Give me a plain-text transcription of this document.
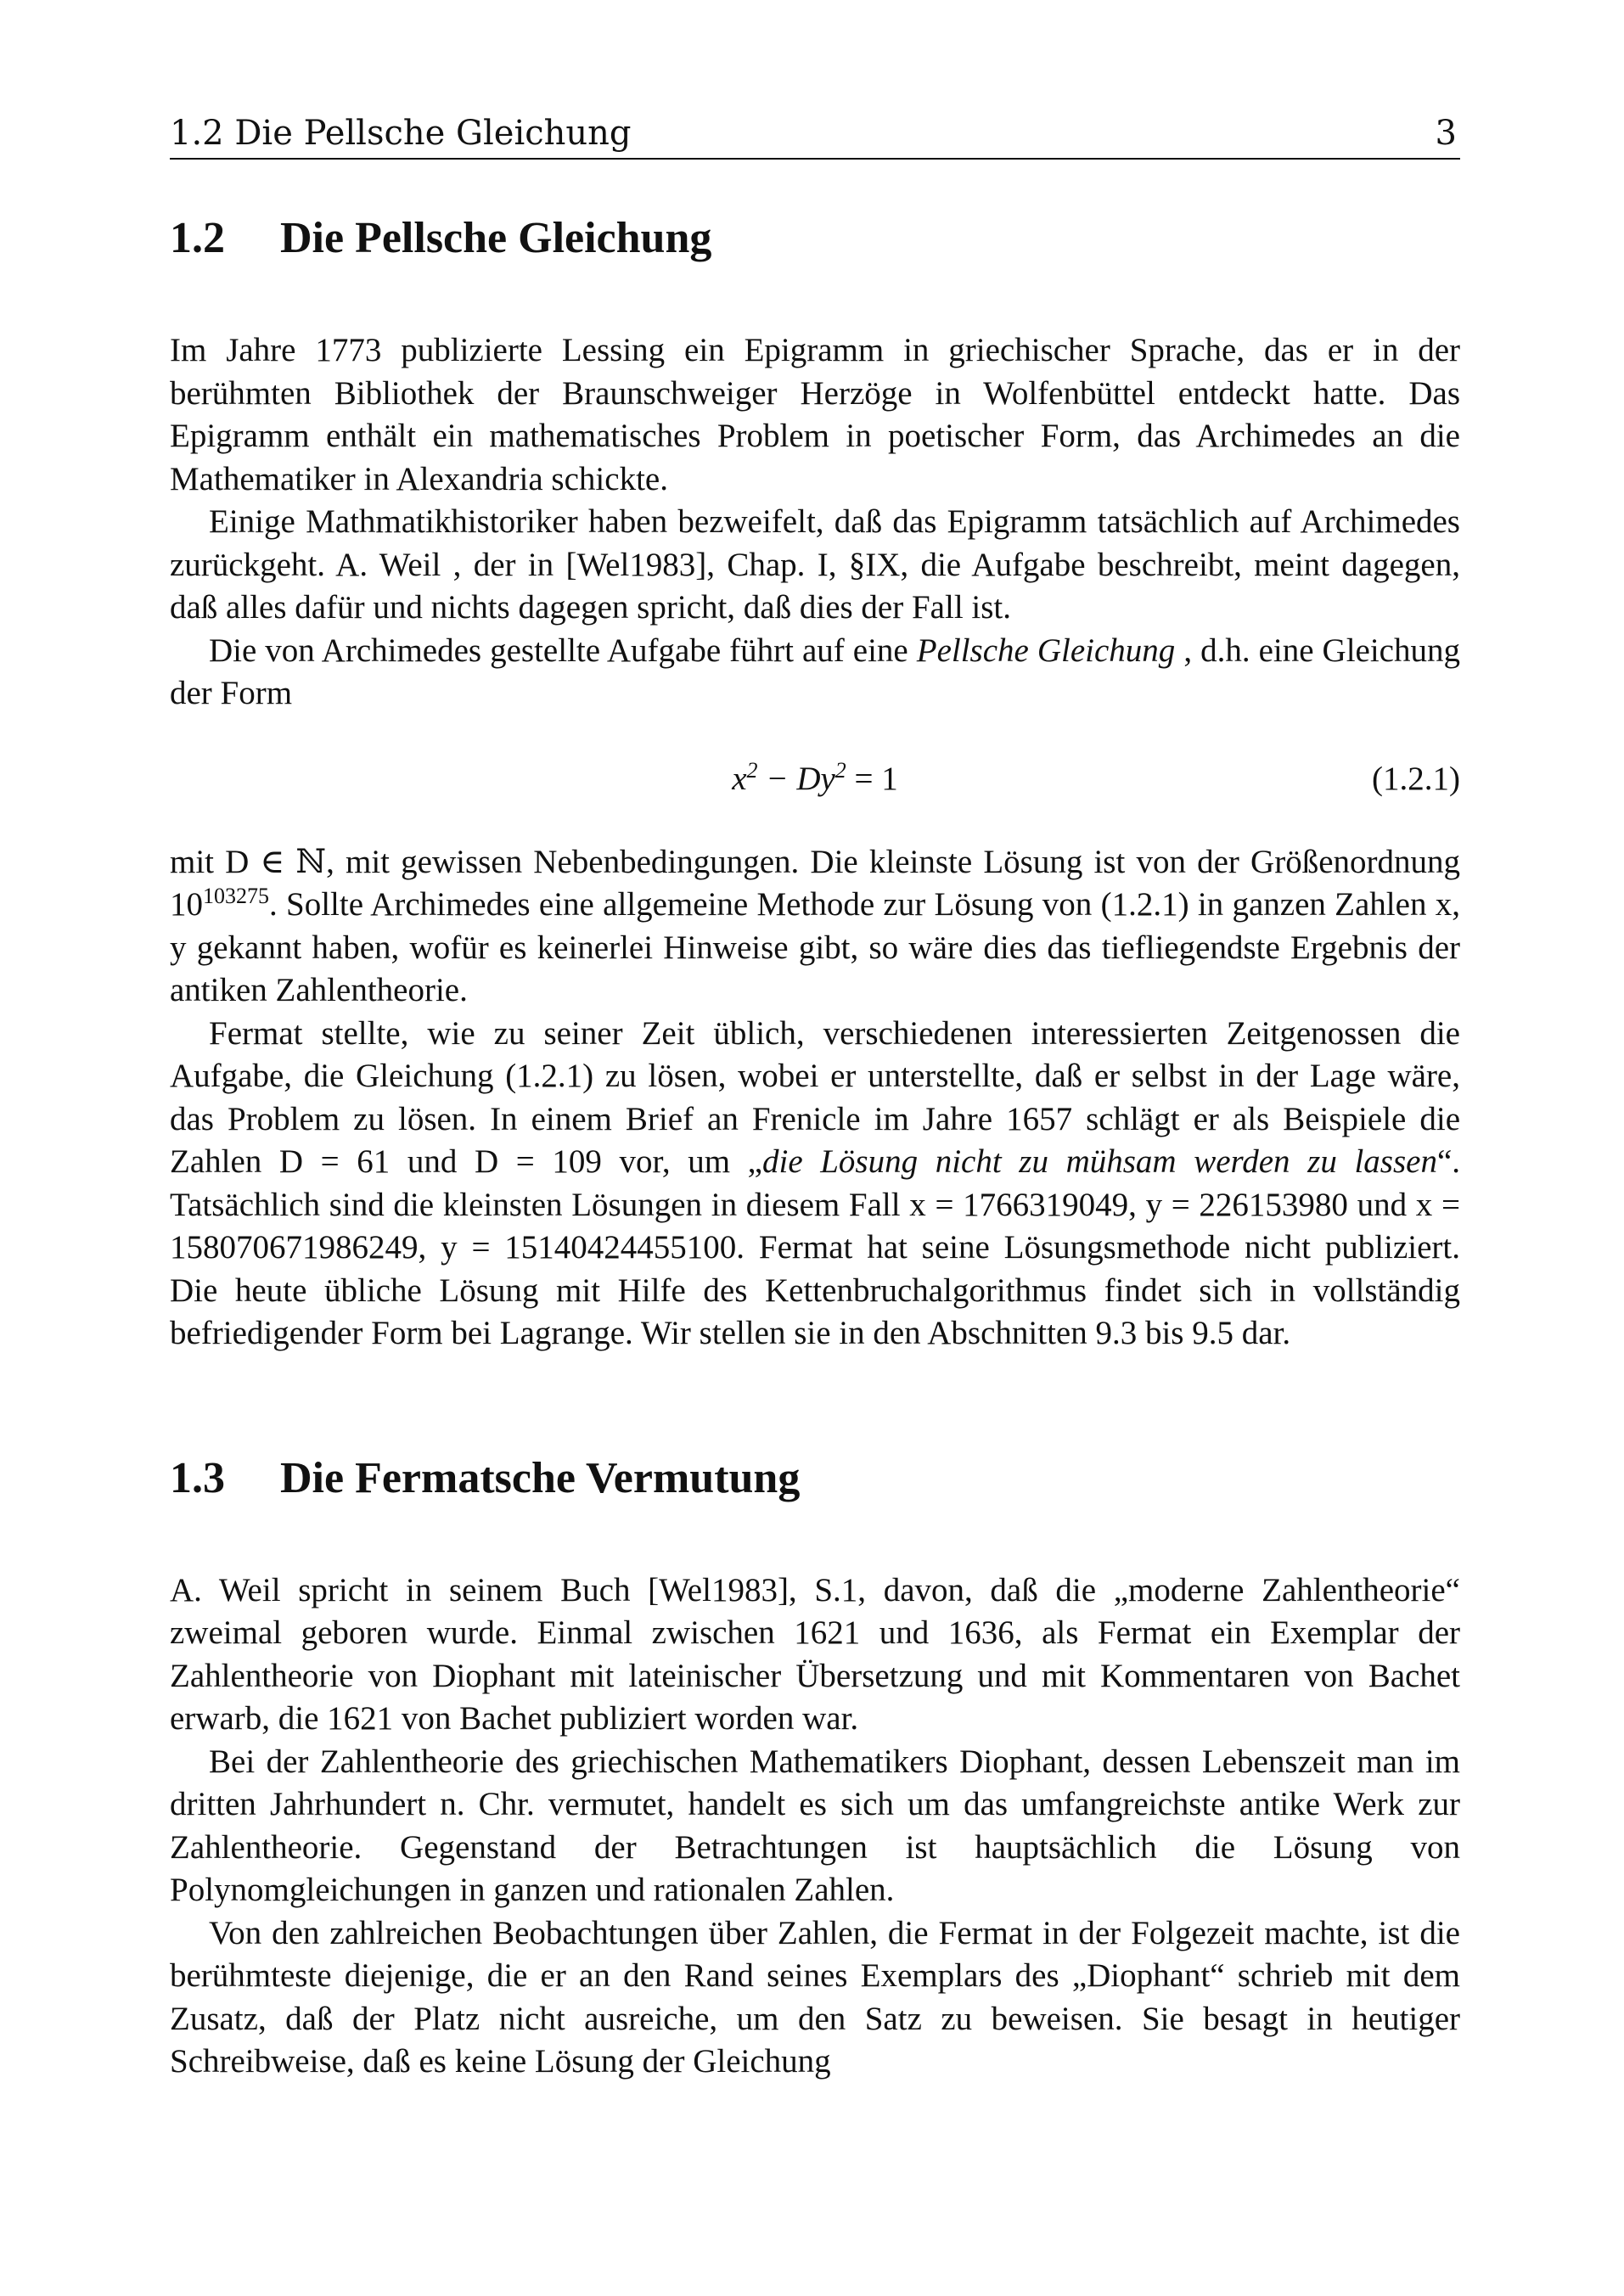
1.2 Die Pellsche Gleichung	3
1.2 Die Pellsche Gleichung

Im Jahre 1773 publizierte Lessing ein Epigramm in griechischer Sprache, das er in der berühmten Bibliothek der Braunschweiger Herzöge in Wolfenbüttel entdeckt hatte. Das Epigramm enthält ein mathematisches Problem in poetischer Form, das Archimedes an die Mathematiker in Alexandria schickte.

Einige Mathmatikhistoriker haben bezweifelt, daß das Epigramm tatsächlich auf Archimedes zurückgeht. A. Weil , der in [Wel1983], Chap. I, §IX, die Aufgabe beschreibt, meint dagegen, daß alles dafür und nichts dagegen spricht, daß dies der Fall ist.

Die von Archimedes gestellte Aufgabe führt auf eine Pellsche Gleichung , d.h. eine Gleichung der Form

$x^2 - Dy^2 = 1$	(1.2.1)

mit D ∈ ℕ, mit gewissen Nebenbedingungen. Die kleinste Lösung ist von der Größenordnung $10^{103275}$. Sollte Archimedes eine allgemeine Methode zur Lösung von (1.2.1) in ganzen Zahlen x, y gekannt haben, wofür es keinerlei Hinweise gibt, so wäre dies das tiefliegendste Ergebnis der antiken Zahlentheorie.

Fermat stellte, wie zu seiner Zeit üblich, verschiedenen interessierten Zeitgenossen die Aufgabe, die Gleichung (1.2.1) zu lösen, wobei er unterstellte, daß er selbst in der Lage wäre, das Problem zu lösen. In einem Brief an Frenicle im Jahre 1657 schlägt er als Beispiele die Zahlen D = 61 und D = 109 vor, um „die Lösung nicht zu mühsam werden zu lassen“. Tatsächlich sind die kleinsten Lösungen in diesem Fall x = 1766319049, y = 226153980 und x = 158070671986249, y = 15140424455100. Fermat hat seine Lösungsmethode nicht publiziert. Die heute übliche Lösung mit Hilfe des Kettenbruchalgorithmus findet sich in vollständig befriedigender Form bei Lagrange. Wir stellen sie in den Abschnitten 9.3 bis 9.5 dar.

1.3 Die Fermatsche Vermutung

A. Weil spricht in seinem Buch [Wel1983], S.1, davon, daß die „moderne Zahlentheorie“ zweimal geboren wurde. Einmal zwischen 1621 und 1636, als Fermat ein Exemplar der Zahlentheorie von Diophant mit lateinischer Übersetzung und mit Kommentaren von Bachet erwarb, die 1621 von Bachet publiziert worden war.

Bei der Zahlentheorie des griechischen Mathematikers Diophant, dessen Lebenszeit man im dritten Jahrhundert n. Chr. vermutet, handelt es sich um das umfangreichste antike Werk zur Zahlentheorie. Gegenstand der Betrachtungen ist hauptsächlich die Lösung von Polynomgleichungen in ganzen und rationalen Zahlen.

Von den zahlreichen Beobachtungen über Zahlen, die Fermat in der Folgezeit machte, ist die berühmteste diejenige, die er an den Rand seines Exemplars des „Diophant“ schrieb mit dem Zusatz, daß der Platz nicht ausreiche, um den Satz zu beweisen. Sie besagt in heutiger Schreibweise, daß es keine Lösung der Gleichung
